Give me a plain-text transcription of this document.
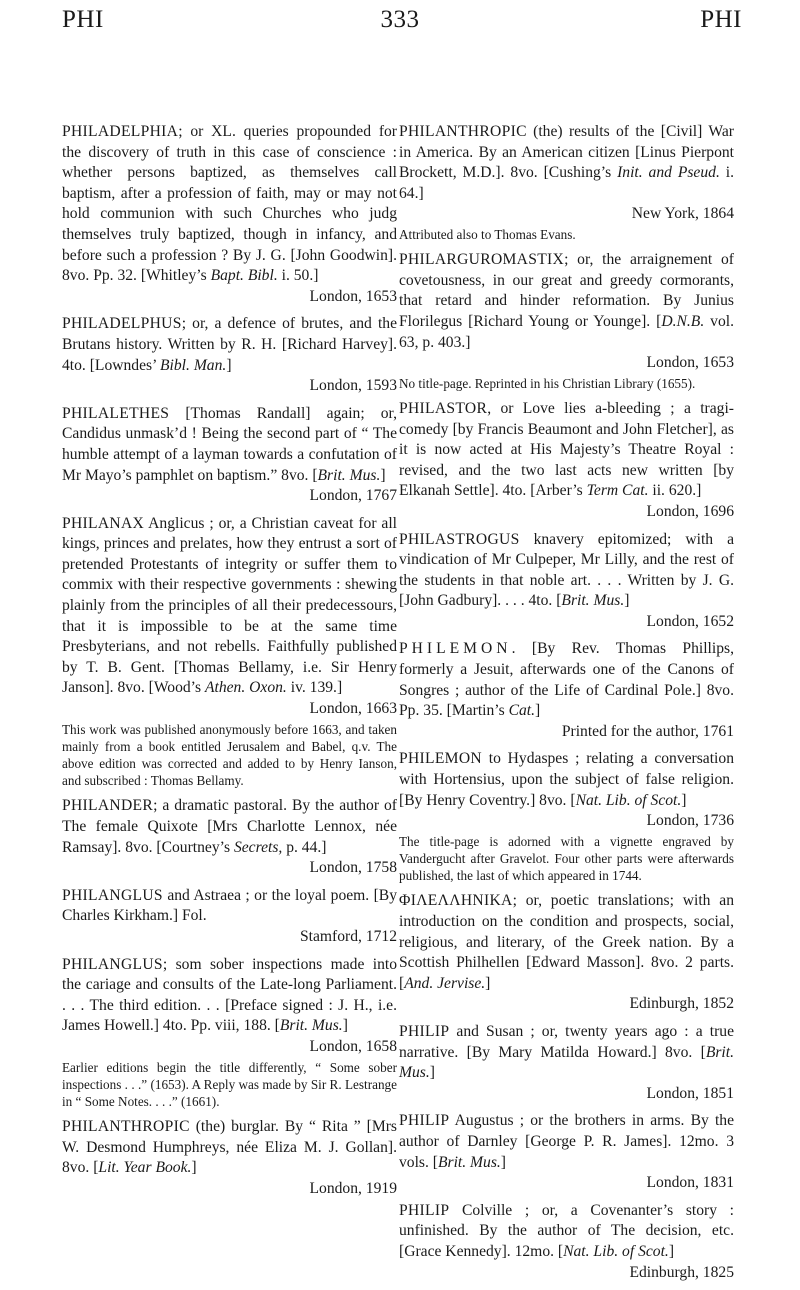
PHI	333	PHI

PHILADELPHIA; or XL. queries propounded for the discovery of truth in this case of conscience : whether persons baptized, as themselves call baptism, after a profession of faith, may or may not hold communion with such Churches who judg themselves truly baptized, though in infancy, and before such a profession ? By J. G. [John Goodwin]. 8vo. Pp. 32. [Whitley’s Bapt. Bibl. i. 50.]

London, 1653

PHILADELPHUS; or, a defence of brutes, and the Brutans history. Written by R. H. [Richard Harvey]. 4to. [Lowndes’ Bibl. Man.]

London, 1593

PHILALETHES [Thomas Randall] again; or, Candidus unmask’d ! Being the second part of “ The humble attempt of a layman towards a confutation of Mr Mayo’s pamphlet on baptism.” 8vo. [Brit. Mus.]

London, 1767

PHILANAX Anglicus ; or, a Christian caveat for all kings, princes and prelates, how they entrust a sort of pretended Protestants of integrity or suffer them to commix with their respective governments : shewing plainly from the principles of all their predecessours, that it is impossible to be at the same time Presbyterians, and not rebells. Faithfully published by T. B. Gent. [Thomas Bellamy, i.e. Sir Henry Janson]. 8vo. [Wood’s Athen. Oxon. iv. 139.]

London, 1663
This work was published anonymously before 1663, and taken mainly from a book entitled Jerusalem and Babel, q.v. The above edition was corrected and added to by Henry Ianson, and subscribed : Thomas Bellamy.

PHILANDER; a dramatic pastoral. By the author of The female Quixote [Mrs Charlotte Lennox, née Ramsay]. 8vo. [Courtney’s Secrets, p. 44.]

London, 1758

PHILANGLUS and Astraea ; or the loyal poem. [By Charles Kirkham.] Fol.

Stamford, 1712

PHILANGLUS; som sober inspections made into the cariage and consults of the Late-long Parliament. . . . The third edition. . . [Preface signed : J. H., i.e. James Howell.] 4to. Pp. viii, 188. [Brit. Mus.]

London, 1658
Earlier editions begin the title differently, “ Some sober inspections . . .” (1653). A Reply was made by Sir R. Lestrange in “ Some Notes. . . .” (1661).

PHILANTHROPIC (the) burglar. By “ Rita ” [Mrs W. Desmond Humphreys, née Eliza M. J. Gollan]. 8vo. [Lit. Year Book.]

London, 1919

PHILANTHROPIC (the) results of the [Civil] War in America. By an American citizen [Linus Pierpont Brockett, M.D.]. 8vo. [Cushing’s Init. and Pseud. i. 64.]

New York, 1864
Attributed also to Thomas Evans.

PHILARGUROMASTIX; or, the arraignement of covetousness, in our great and greedy cormorants, that retard and hinder reformation. By Junius Florilegus [Richard Young or Younge]. [D.N.B. vol. 63, p. 403.]

London, 1653
No title-page. Reprinted in his Christian Library (1655).

PHILASTOR, or Love lies a-bleeding ; a tragi-comedy [by Francis Beaumont and John Fletcher], as it is now acted at His Majesty’s Theatre Royal : revised, and the two last acts new written [by Elkanah Settle]. 4to. [Arber’s Term Cat. ii. 620.]

London, 1696

PHILASTROGUS knavery epitomized; with a vindication of Mr Culpeper, Mr Lilly, and the rest of the students in that noble art. . . . Written by J. G. [John Gadbury]. . . . 4to. [Brit. Mus.]

London, 1652

PHILEMON. [By Rev. Thomas Phillips, formerly a Jesuit, afterwards one of the Canons of Songres ; author of the Life of Cardinal Pole.] 8vo. Pp. 35. [Martin’s Cat.]

Printed for the author, 1761

PHILEMON to Hydaspes ; relating a conversation with Hortensius, upon the subject of false religion. [By Henry Coventry.] 8vo. [Nat. Lib. of Scot.]

London, 1736
The title-page is adorned with a vignette engraved by Vandergucht after Gravelot. Four other parts were afterwards published, the last of which appeared in 1744.

ΦΙΛΕΛΛΗΝΙΚΑ; or, poetic translations; with an introduction on the condition and prospects, social, religious, and literary, of the Greek nation. By a Scottish Philhellen [Edward Masson]. 8vo. 2 parts. [And. Jervise.]

Edinburgh, 1852

PHILIP and Susan ; or, twenty years ago : a true narrative. [By Mary Matilda Howard.] 8vo. [Brit. Mus.]

London, 1851

PHILIP Augustus ; or the brothers in arms. By the author of Darnley [George P. R. James]. 12mo. 3 vols. [Brit. Mus.]

London, 1831

PHILIP Colville ; or, a Covenanter’s story : unfinished. By the author of The decision, etc. [Grace Kennedy]. 12mo. [Nat. Lib. of Scot.]

Edinburgh, 1825
